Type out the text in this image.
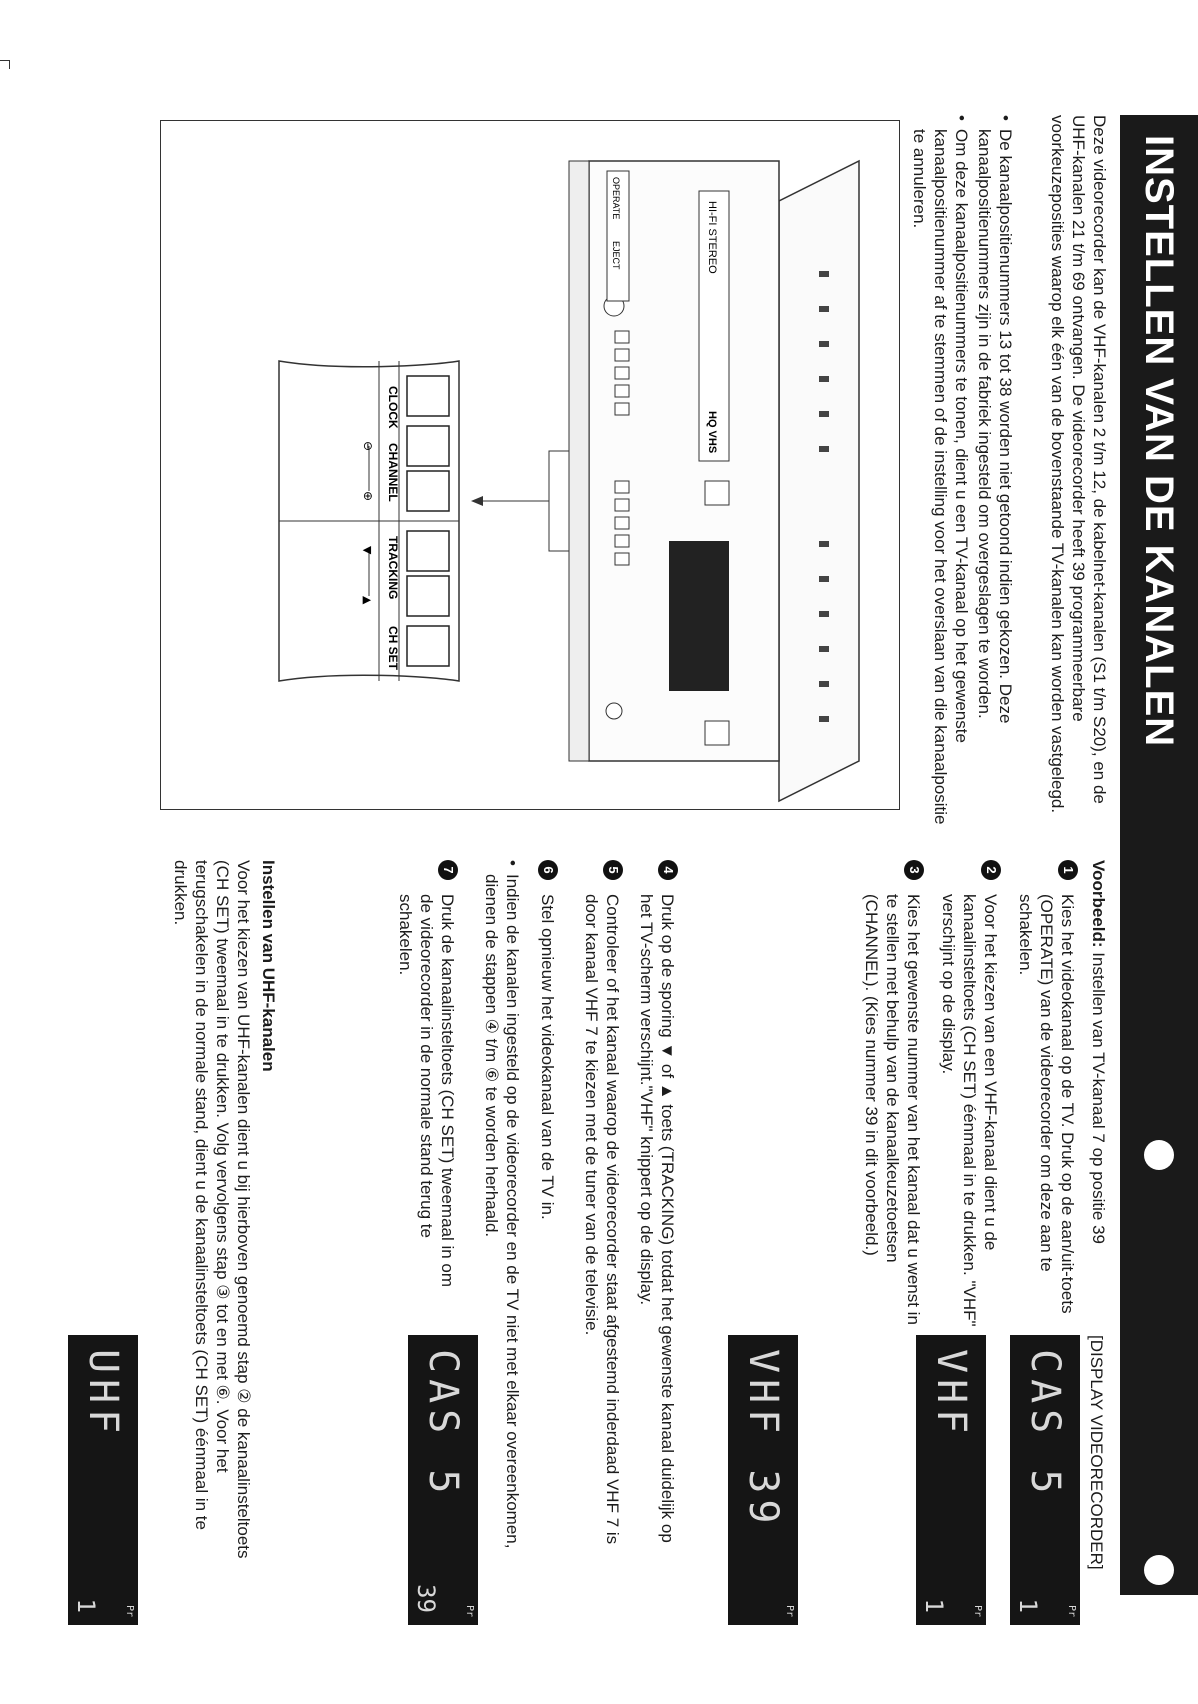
INSTELLEN VAN DE KANALEN
Deze videorecorder kan de VHF-kanalen 2 t/m 12, de kabelnet-kanalen (S1 t/m S20), en de UHF-kanalen 21 t/m 69 ontvangen. De videorecorder heeft 39 programmeerbare voorkeuzeposities waarop elk één van de bovenstaande TV-kanalen kan worden vastgelegd.
• De kanaalpositienummers 13 tot 38 worden niet getoond indien gekozen. Deze kanaalpositienummers zijn in de fabriek ingesteld om overgeslagen te worden.
• Om deze kanaalpositienummers te tonen, dient u een TV-kanaal op het gewenste kanaalpositienummer af te stemmen of de instelling voor het overslaan van die kanaalpositie te annuleren.
HI-FI STEREO
HQ VHS
OPERATE
EJECT
CLOCK
CHANNEL
TRACKING
CH SET
⊖
⊕
▼
▲
Voorbeeld: Instellen van TV-kanaal 7 op positie 39
[DISPLAY VIDEORECORDER]
1
Kies het videokanaal op de TV. Druk op de aan/uit-toets (OPERATE) van de videorecorder om deze aan te schakelen.
2
Voor het kiezen van een VHF-kanaal dient u de kanaalinsteltoets (CH SET) éénmaal in te drukken. "VHF" verschijnt op de display.
3
Kies het gewenste nummer van het kanaal dat u wenst in te stellen met behulp van de kanaalkeuzetoetsen (CHANNEL). (Kies nummer 39 in dit voorbeeld.)
4
Druk op de sporing ▼ of ▲ toets (TRACKING) totdat het gewenste kanaal duidelijk op het TV-scherm verschijnt."VHF" knippert op de display.
5
Controleer of het kanaal waarop de videorecorder staat afgestemd inderdaad VHF 7 is door kanaal VHF 7 te kiezen met de tuner van de televisie.
6
Stel opnieuw het videokanaal van de TV in.
• Indien de kanalen ingesteld op de videorecorder en de TV niet met elkaar overeenkomen, dienen de stappen ④ t/m ⑥ te worden herhaald.
7
Druk de kanaalinsteltoets (CH SET) tweemaal in om de videorecorder in de normale stand terug te schakelen.
CAS 5
Pr
1
VHF
Pr
1
VHF 39
Pr
CAS 5
Pr
39
UHF
Pr
1
Instellen van UHF-kanalen
Voor het kiezen van UHF-kanalen dient u bij hierboven genoemd stap ② de kanaalinsteltoets (CH SET) tweemaal in te drukken. Volg vervolgens stap ③ tot en met ⑥. Voor het terugschakelen in de normale stand, dient u de kanaalinsteltoets (CH SET) éénmaal in te drukken.
